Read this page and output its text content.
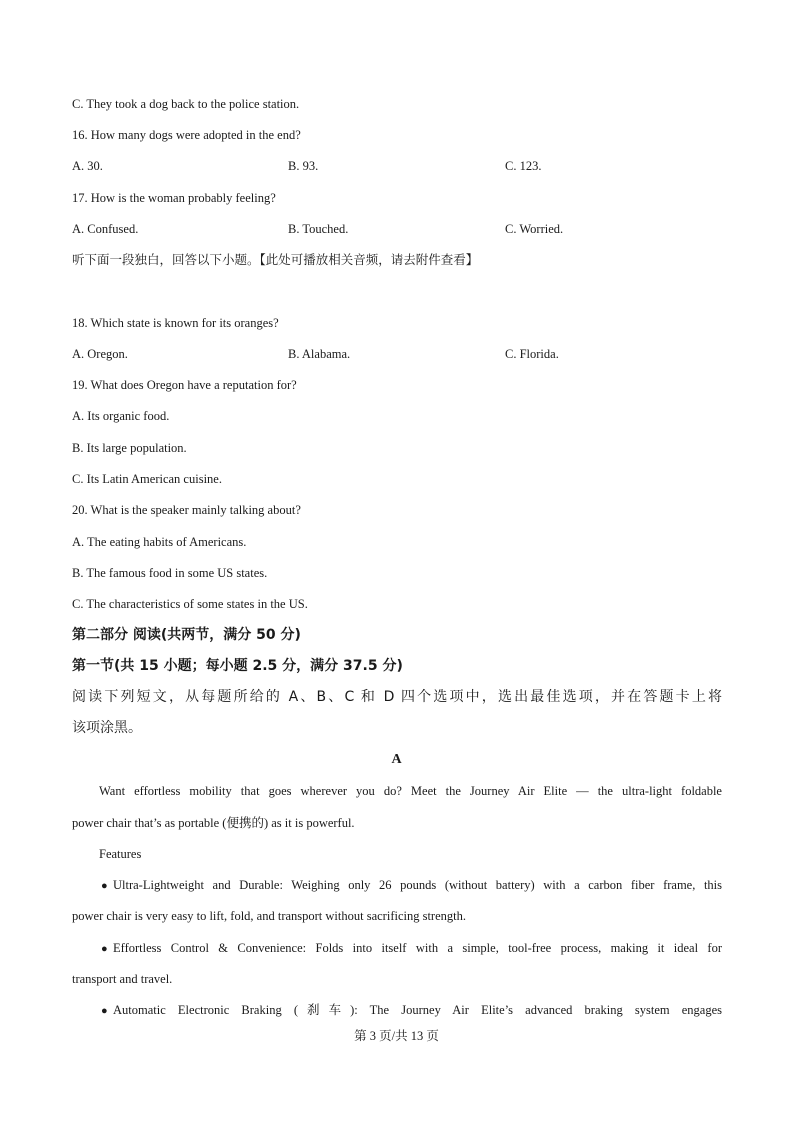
C. They took a dog back to the police station.
16. How many dogs were adopted in the end?
A. 30.	B. 93.	C. 123.
17. How is the woman probably feeling?
A. Confused.	B. Touched.	C. Worried.
听下面一段独白，回答以下小题。【此处可播放相关音频，请去附件查看】
18. Which state is known for its oranges?
A. Oregon.	B. Alabama.	C. Florida.
19. What does Oregon have a reputation for?
A. Its organic food.
B. Its large population.
C. Its Latin American cuisine.
20. What is the speaker mainly talking about?
A. The eating habits of Americans.
B. The famous food in some US states.
C. The characteristics of some states in the US.
第二部分 阅读(共两节，满分 50 分)
第一节(共 15 小题；每小题 2.5 分，满分 37.5 分)
阅读下列短文，从每题所给的 A、B、C 和 D 四个选项中，选出最佳选项，并在答题卡上将
该项涂黑。
A
Want effortless mobility that goes wherever you do? Meet the Journey Air Elite — the ultra-light foldable
power chair that’s as portable (便携的) as it is powerful.
Features
● Ultra-Lightweight and Durable: Weighing only 26 pounds (without battery) with a carbon fiber frame, this
power chair is very easy to lift, fold, and transport without sacrificing strength.
● Effortless Control & Convenience: Folds into itself with a simple, tool-free process, making it ideal for
transport and travel.
● Automatic Electronic Braking (刹车): The Journey Air Elite’s advanced braking system engages
第 3 页/共 13 页
